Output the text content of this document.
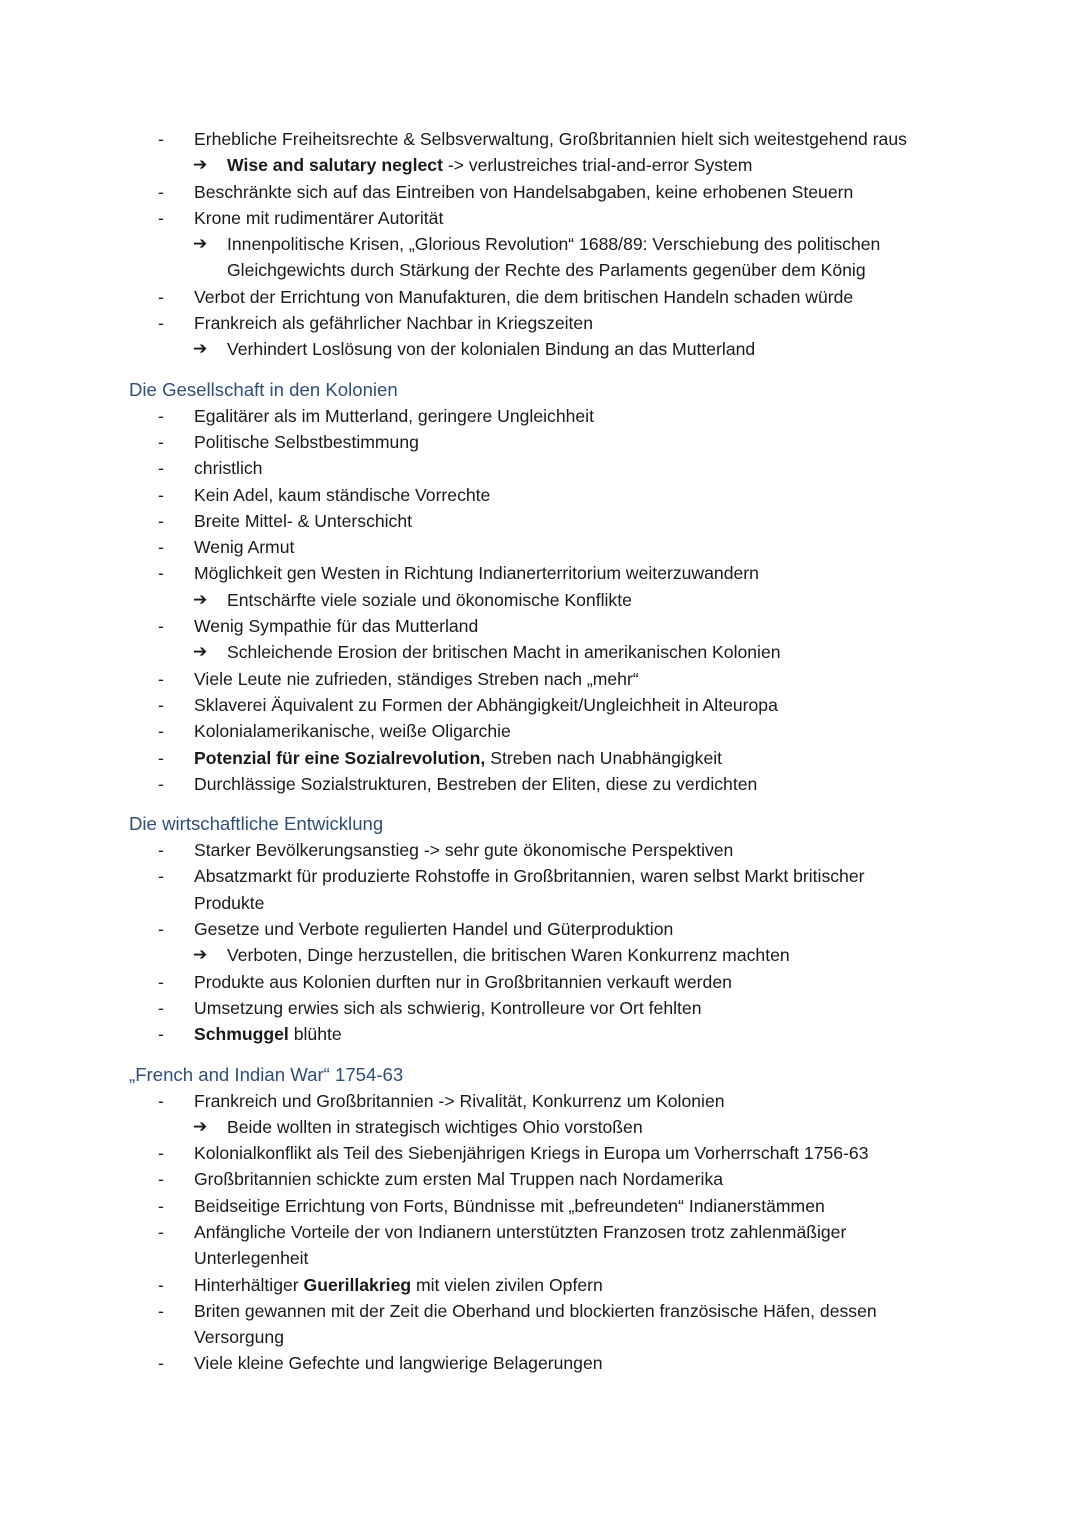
- Erhebliche Freiheitsrechte & Selbsverwaltung, Großbritannien hielt sich weitestgehend raus
➔ Wise and salutary neglect -> verlustreiches trial-and-error System
- Beschränkte sich auf das Eintreiben von Handelsabgaben, keine erhobenen Steuern
- Krone mit rudimentärer Autorität
➔ Innenpolitische Krisen, „Glorious Revolution“ 1688/89: Verschiebung des politischen
Gleichgewichts durch Stärkung der Rechte des Parlaments gegenüber dem König
- Verbot der Errichtung von Manufakturen, die dem britischen Handeln schaden würde
- Frankreich als gefährlicher Nachbar in Kriegszeiten
➔ Verhindert Loslösung von der kolonialen Bindung an das Mutterland
Die Gesellschaft in den Kolonien
- Egalitärer als im Mutterland, geringere Ungleichheit
- Politische Selbstbestimmung
- christlich
- Kein Adel, kaum ständische Vorrechte
- Breite Mittel- & Unterschicht
- Wenig Armut
- Möglichkeit gen Westen in Richtung Indianerterritorium weiterzuwandern
➔ Entschärfte viele soziale und ökonomische Konflikte
- Wenig Sympathie für das Mutterland
➔ Schleichende Erosion der britischen Macht in amerikanischen Kolonien
- Viele Leute nie zufrieden, ständiges Streben nach „mehr“
- Sklaverei Äquivalent zu Formen der Abhängigkeit/Ungleichheit in Alteuropa
- Kolonialamerikanische, weiße Oligarchie
- Potenzial für eine Sozialrevolution, Streben nach Unabhängigkeit
- Durchlässige Sozialstrukturen, Bestreben der Eliten, diese zu verdichten
Die wirtschaftliche Entwicklung
- Starker Bevölkerungsanstieg -> sehr gute ökonomische Perspektiven
- Absatzmarkt für produzierte Rohstoffe in Großbritannien, waren selbst Markt britischer
Produkte
- Gesetze und Verbote regulierten Handel und Güterproduktion
➔ Verboten, Dinge herzustellen, die britischen Waren Konkurrenz machten
- Produkte aus Kolonien durften nur in Großbritannien verkauft werden
- Umsetzung erwies sich als schwierig, Kontrolleure vor Ort fehlten
- Schmuggel blühte
„French and Indian War“ 1754-63
- Frankreich und Großbritannien -> Rivalität, Konkurrenz um Kolonien
➔ Beide wollten in strategisch wichtiges Ohio vorstoßen
- Kolonialkonflikt als Teil des Siebenjährigen Kriegs in Europa um Vorherrschaft 1756-63
- Großbritannien schickte zum ersten Mal Truppen nach Nordamerika
- Beidseitige Errichtung von Forts, Bündnisse mit „befreundeten“ Indianerstämmen
- Anfängliche Vorteile der von Indianern unterstützten Franzosen trotz zahlenmäßiger
Unterlegenheit
- Hinterhältiger Guerillakrieg mit vielen zivilen Opfern
- Briten gewannen mit der Zeit die Oberhand und blockierten französische Häfen, dessen
Versorgung
- Viele kleine Gefechte und langwierige Belagerungen
